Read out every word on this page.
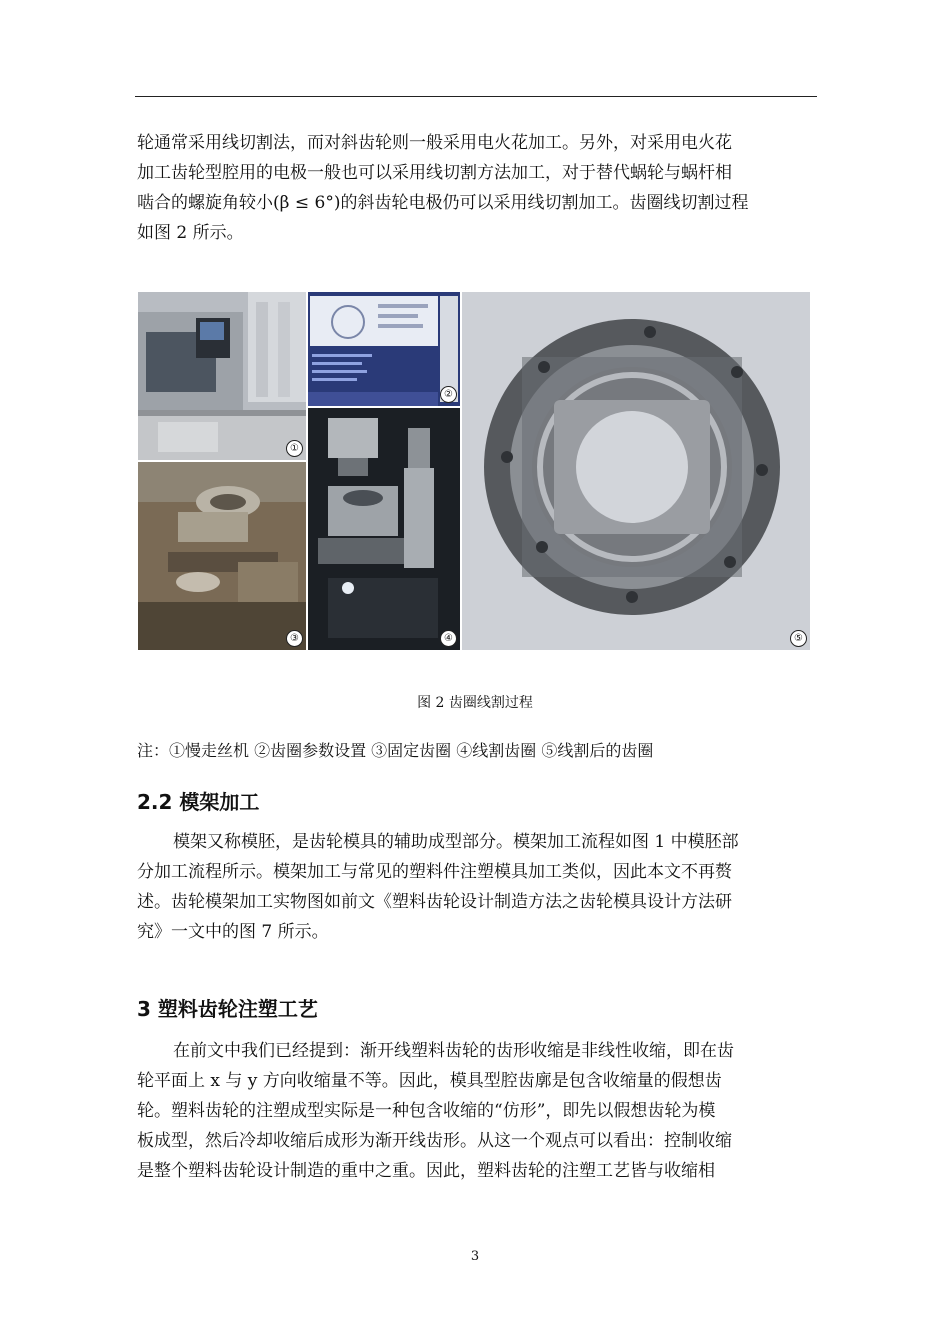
轮通常采用线切割法，而对斜齿轮则一般采用电火花加工。另外，对采用电火花
加工齿轮型腔用的电极一般也可以采用线切割方法加工，对于替代蜗轮与蜗杆相
啮合的螺旋角较小(β ≤ 6°)的斜齿轮电极仍可以采用线切割加工。齿圈线切割过程
如图 2 所示。
①
②
③	④	⑤

图 2 齿圈线割过程

注：①慢走丝机 ②齿圈参数设置 ③固定齿圈 ④线割齿圈 ⑤线割后的齿圈

2.2 模架加工
模架又称模胚，是齿轮模具的辅助成型部分。模架加工流程如图 1 中模胚部
分加工流程所示。模架加工与常见的塑料件注塑模具加工类似，因此本文不再赘
述。齿轮模架加工实物图如前文《塑料齿轮设计制造方法之齿轮模具设计方法研
究》一文中的图 7 所示。
3 塑料齿轮注塑工艺
在前文中我们已经提到：渐开线塑料齿轮的齿形收缩是非线性收缩，即在齿
轮平面上 x 与 y 方向收缩量不等。因此，模具型腔齿廓是包含收缩量的假想齿
轮。塑料齿轮的注塑成型实际是一种包含收缩的“仿形”，即先以假想齿轮为模
板成型，然后冷却收缩后成形为渐开线齿形。从这一个观点可以看出：控制收缩
是整个塑料齿轮设计制造的重中之重。因此，塑料齿轮的注塑工艺皆与收缩相

3
